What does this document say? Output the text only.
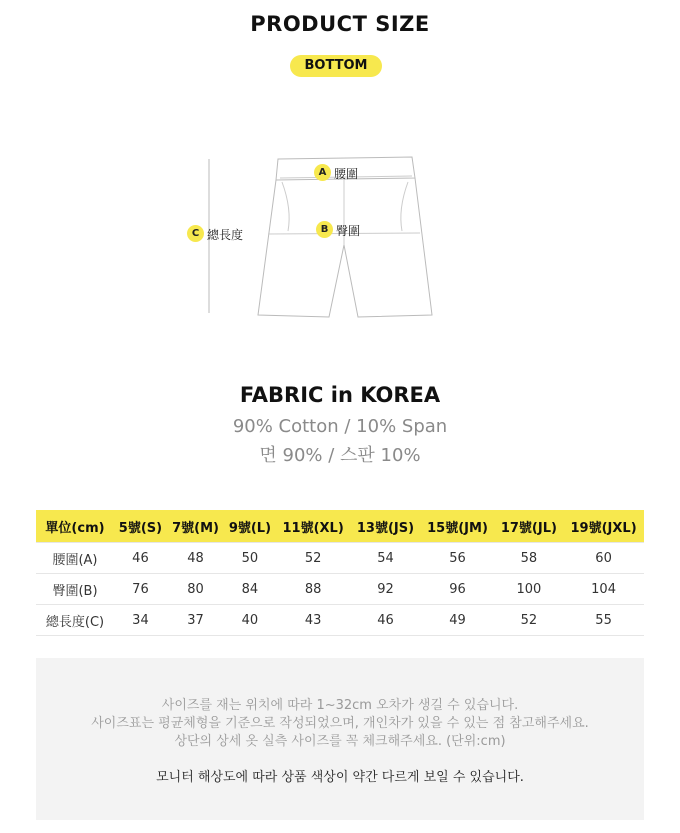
PRODUCT SIZE
BOTTOM
A 腰圍
B 臀圍
C 總長度
FABRIC in KOREA
90% Cotton / 10% Span
면 90% / 스판 10%
單位(cm)	5號(S)	7號(M)	9號(L)	11號(XL)	13號(JS)	15號(JM)	17號(JL)	19號(JXL)
腰圍(A)	46	48	50	52	54	56	58	60
臀圍(B)	76	80	84	88	92	96	100	104
總長度(C)	34	37	40	43	46	49	52	55
사이즈를 재는 위치에 따라 1~32cm 오차가 생길 수 있습니다.
사이즈표는 평균체형을 기준으로 작성되었으며, 개인차가 있을 수 있는 점 참고해주세요.
상단의 상세 옷 실측 사이즈를 꼭 체크해주세요. (단위:cm)
모니터 해상도에 따라 상품 색상이 약간 다르게 보일 수 있습니다.
